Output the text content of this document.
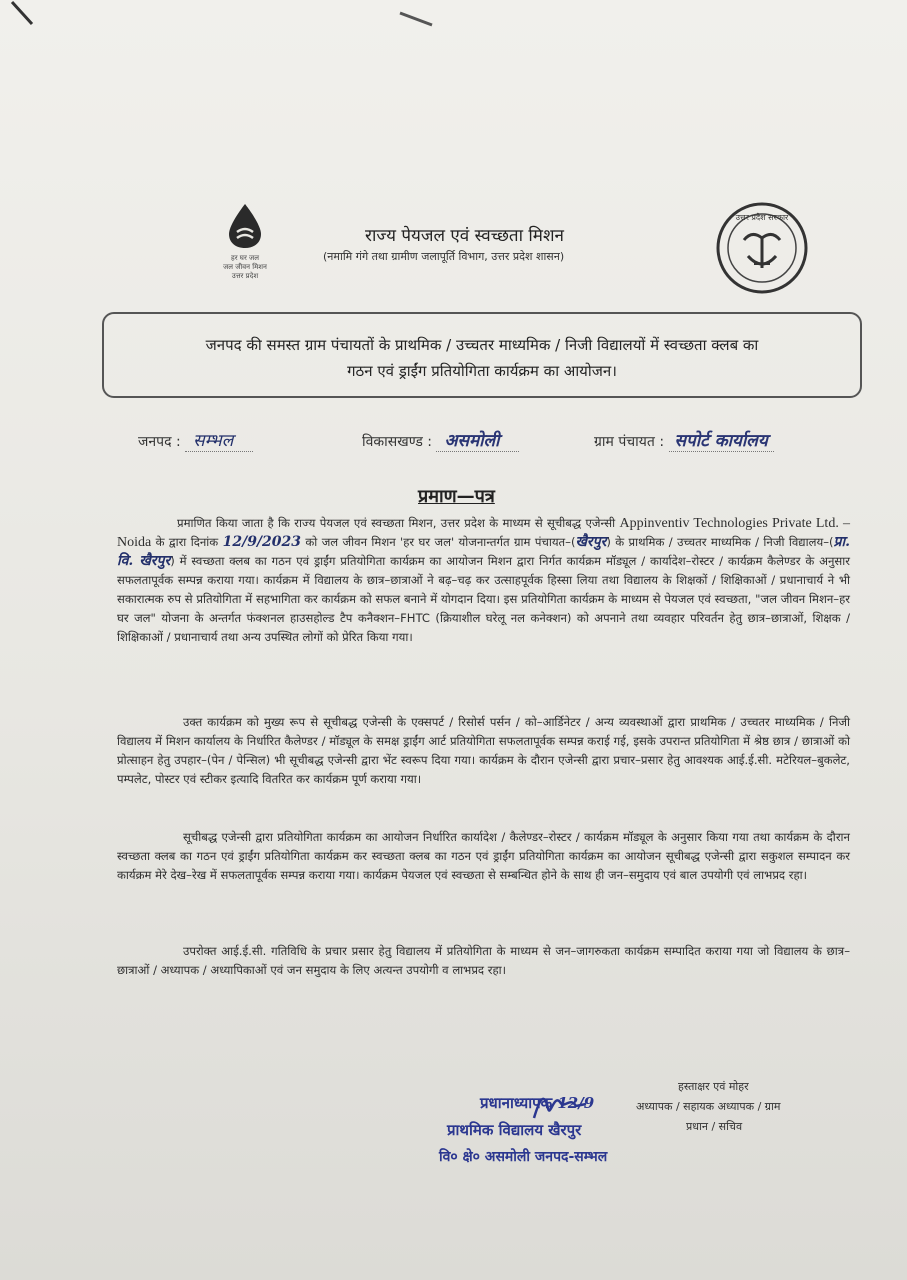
हर घर जल
जल जीवन मिशन
उत्तर प्रदेश
राज्य पेयजल एवं स्वच्छता मिशन
(नमामि गंगे तथा ग्रामीण जलापूर्ति विभाग, उत्तर प्रदेश शासन)
उत्तर प्रदेश सरकार
जनपद की समस्त ग्राम पंचायतों के प्राथमिक / उच्चतर माध्यमिक / निजी विद्यालयों में स्वच्छता क्लब का
गठन एवं ड्राईंग प्रतियोगिता कार्यक्रम का आयोजन।
जनपद : सम्भल	विकासखण्ड : असमोली	ग्राम पंचायत : सपोर्ट कार्यालय
प्रमाण—पत्र
प्रमाणित किया जाता है कि राज्य पेयजल एवं स्वच्छता मिशन, उत्तर प्रदेश के माध्यम से सूचीबद्ध एजेन्सी Appinventiv Technologies Private Ltd. – Noida के द्वारा दिनांक 12/9/2023 को जल जीवन मिशन 'हर घर जल' योजनान्तर्गत ग्राम पंचायत–(खैरपुर) के प्राथमिक / उच्चतर माध्यमिक / निजी विद्यालय–(प्रा. वि. खैरपुर) में स्वच्छता क्लब का गठन एवं ड्राईंग प्रतियोगिता कार्यक्रम का आयोजन मिशन द्वारा निर्गत कार्यक्रम मॉड्यूल / कार्यादेश–रोस्टर / कार्यक्रम कैलेण्डर के अनुसार सफलतापूर्वक सम्पन्न कराया गया। कार्यक्रम में विद्यालय के छात्र–छात्राओं ने बढ़–चढ़ कर उत्साहपूर्वक हिस्सा लिया तथा विद्यालय के शिक्षकों / शिक्षिकाओं / प्रधानाचार्य ने भी सकारात्मक रुप से प्रतियोगिता में सहभागिता कर कार्यक्रम को सफल बनाने में योगदान दिया। इस प्रतियोगिता कार्यक्रम के माध्यम से पेयजल एवं स्वच्छता, "जल जीवन मिशन–हर घर जल" योजना के अन्तर्गत फंक्शनल हाउसहोल्ड टैप कनैक्शन–FHTC (क्रियाशील घरेलू नल कनेक्शन) को अपनाने तथा व्यवहार परिवर्तन हेतु छात्र–छात्राओं, शिक्षक / शिक्षिकाओं / प्रधानाचार्य तथा अन्य उपस्थित लोगों को प्रेरित किया गया।
उक्त कार्यक्रम को मुख्य रूप से सूचीबद्ध एजेन्सी के एक्सपर्ट / रिसोर्स पर्सन / को–आर्डिनेटर / अन्य व्यवस्थाओं द्वारा प्राथमिक / उच्चतर माध्यमिक / निजी विद्यालय में मिशन कार्यालय के निर्धारित कैलेण्डर / मॉड्यूल के समक्ष ड्राईंग आर्ट प्रतियोगिता सफलतापूर्वक सम्पन्न कराई गई, इसके उपरान्त प्रतियोगिता में श्रेष्ठ छात्र / छात्राओं को प्रोत्साहन हेतु उपहार–(पेन / पेन्सिल) भी सूचीबद्ध एजेन्सी द्वारा भेंट स्वरूप दिया गया। कार्यक्रम के दौरान एजेन्सी द्वारा प्रचार–प्रसार हेतु आवश्यक आई.ई.सी. मटेरियल–बुकलेट, पम्पलेट, पोस्टर एवं स्टीकर इत्यादि वितरित कर कार्यक्रम पूर्ण कराया गया।
सूचीबद्ध एजेन्सी द्वारा प्रतियोगिता कार्यक्रम का आयोजन निर्धारित कार्यादेश / कैलेण्डर–रोस्टर / कार्यक्रम मॉड्यूल के अनुसार किया गया तथा कार्यक्रम के दौरान स्वच्छता क्लब का गठन एवं ड्राईंग प्रतियोगिता कार्यक्रम कर स्वच्छता क्लब का गठन एवं ड्राईंग प्रतियोगिता कार्यक्रम का आयोजन सूचीबद्ध एजेन्सी द्वारा सकुशल सम्पादन कर कार्यक्रम मेरे देख–रेख में सफलतापूर्वक सम्पन्न कराया गया। कार्यक्रम पेयजल एवं स्वच्छता से सम्बन्धित होने के साथ ही जन–समुदाय एवं बाल उपयोगी एवं लाभप्रद रहा।
उपरोक्त आई.ई.सी. गतिविधि के प्रचार प्रसार हेतु विद्यालय में प्रतियोगिता के माध्यम से जन–जागरुकता कार्यक्रम सम्पादित कराया गया जो विद्यालय के छात्र–छात्राओं / अध्यापक / अध्यापिकाओं एवं जन समुदाय के लिए अत्यन्त उपयोगी व लाभप्रद रहा।
हस्ताक्षर एवं मोहर
अध्यापक / सहायक अध्यापक / ग्राम
प्रधान / सचिव
प्रधानाध्यापक 12/9
प्राथमिक विद्यालय खैरपुर
वि० क्षे० असमोली जनपद-सम्भल
